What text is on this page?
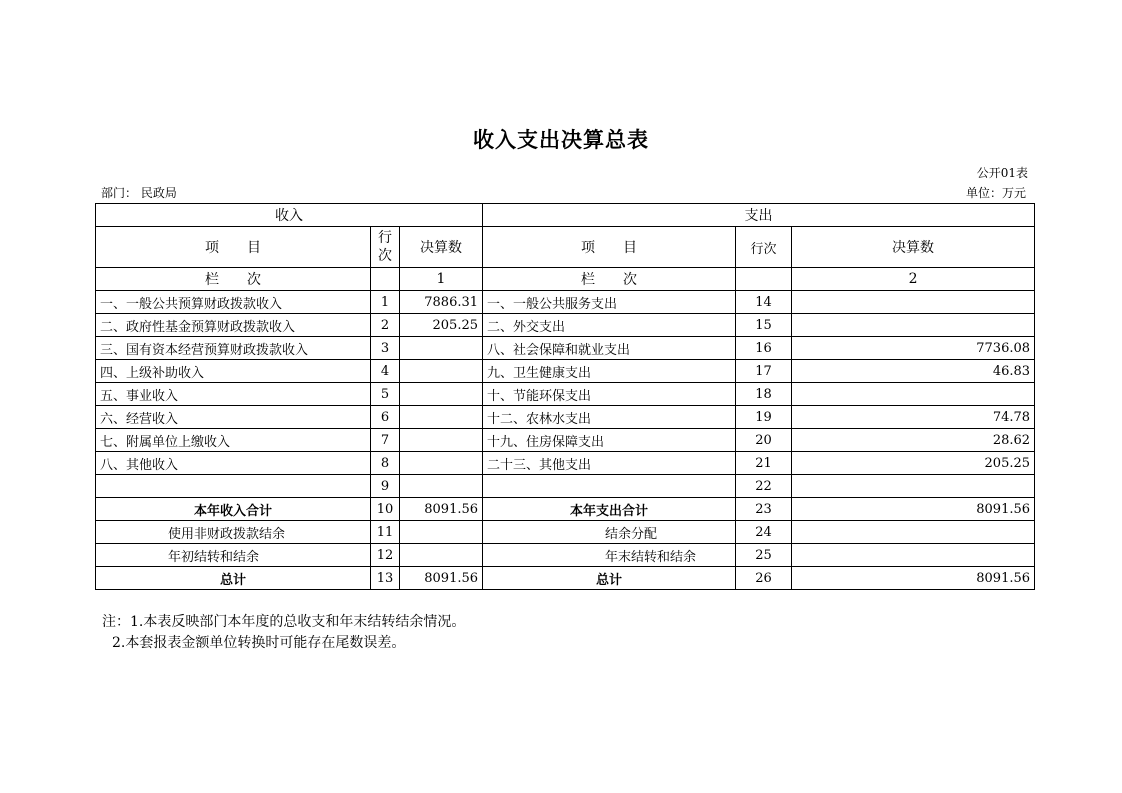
收入支出决算总表
公开01表
部门： 民政局	单位：万元
收入			支出		
项　　目	行次	决算数	项　　目	行次	决算数
栏　　次		1	栏　　次		2
一、一般公共预算财政拨款收入	1	7886.31	一、一般公共服务支出	14	
二、政府性基金预算财政拨款收入	2	205.25	二、外交支出	15	
三、国有资本经营预算财政拨款收入	3		八、社会保障和就业支出	16	7736.08
四、上级补助收入	4		九、卫生健康支出	17	46.83
五、事业收入	5		十、节能环保支出	18	
六、经营收入	6		十二、农林水支出	19	74.78
七、附属单位上缴收入	7		十九、住房保障支出	20	28.62
八、其他收入	8		二十三、其他支出	21	205.25
	9			22	
本年收入合计	10	8091.56	本年支出合计	23	8091.56
使用非财政拨款结余	11		结余分配	24	
年初结转和结余	12		年末结转和结余	25	
总计	13	8091.56	总计	26	8091.56
注：1.本表反映部门本年度的总收支和年末结转结余情况。
2.本套报表金额单位转换时可能存在尾数误差。
